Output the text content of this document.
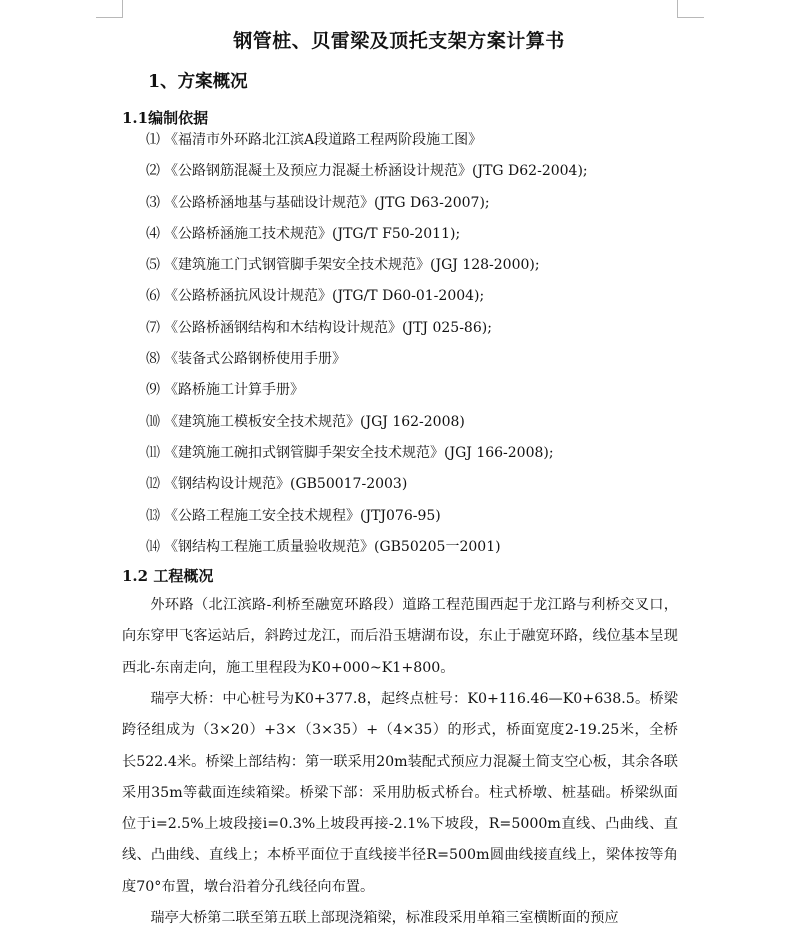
钢管桩、贝雷梁及顶托支架方案计算书
1、方案概况
1.1编制依据
⑴ 《福清市外环路北江滨A段道路工程两阶段施工图》
⑵ 《公路钢筋混凝土及预应力混凝土桥涵设计规范》(JTG D62-2004);
⑶ 《公路桥涵地基与基础设计规范》(JTG D63-2007);
⑷ 《公路桥涵施工技术规范》(JTG/T F50-2011);
⑸ 《建筑施工门式钢管脚手架安全技术规范》(JGJ 128-2000);
⑹ 《公路桥涵抗风设计规范》(JTG/T D60-01-2004);
⑺ 《公路桥涵钢结构和木结构设计规范》(JTJ 025-86);
⑻ 《装备式公路钢桥使用手册》
⑼ 《路桥施工计算手册》
⑽ 《建筑施工模板安全技术规范》(JGJ 162-2008)
⑾ 《建筑施工碗扣式钢管脚手架安全技术规范》(JGJ 166-2008);
⑿ 《钢结构设计规范》(GB50017-2003)
⒀ 《公路工程施工安全技术规程》(JTJ076-95)
⒁ 《钢结构工程施工质量验收规范》(GB50205一2001)
1.2 工程概况

外环路（北江滨路-利桥至融宽环路段）道路工程范围西起于龙江路与利桥交叉口，向东穿甲飞客运站后，斜跨过龙江，而后沿玉塘湖布设，东止于融宽环路，线位基本呈现西北-东南走向，施工里程段为K0+000~K1+800。

瑞亭大桥：中心桩号为K0+377.8，起终点桩号：K0+116.46—K0+638.5。桥梁跨径组成为（3×20）+3×（3×35）+（4×35）的形式，桥面宽度2-19.25米，全桥长522.4米。桥梁上部结构：第一联采用20m装配式预应力混凝土简支空心板，其余各联采用35m等截面连续箱梁。桥梁下部：采用肋板式桥台。柱式桥墩、桩基础。桥梁纵面位于i=2.5%上坡段接i=0.3%上坡段再接-2.1%下坡段，R=5000m直线、凸曲线、直线、凸曲线、直线上；本桥平面位于直线接半径R=500m圆曲线接直线上，梁体按等角度70°布置，墩台沿着分孔线径向布置。

瑞亭大桥第二联至第五联上部现浇箱梁，标准段采用单箱三室横断面的预应
